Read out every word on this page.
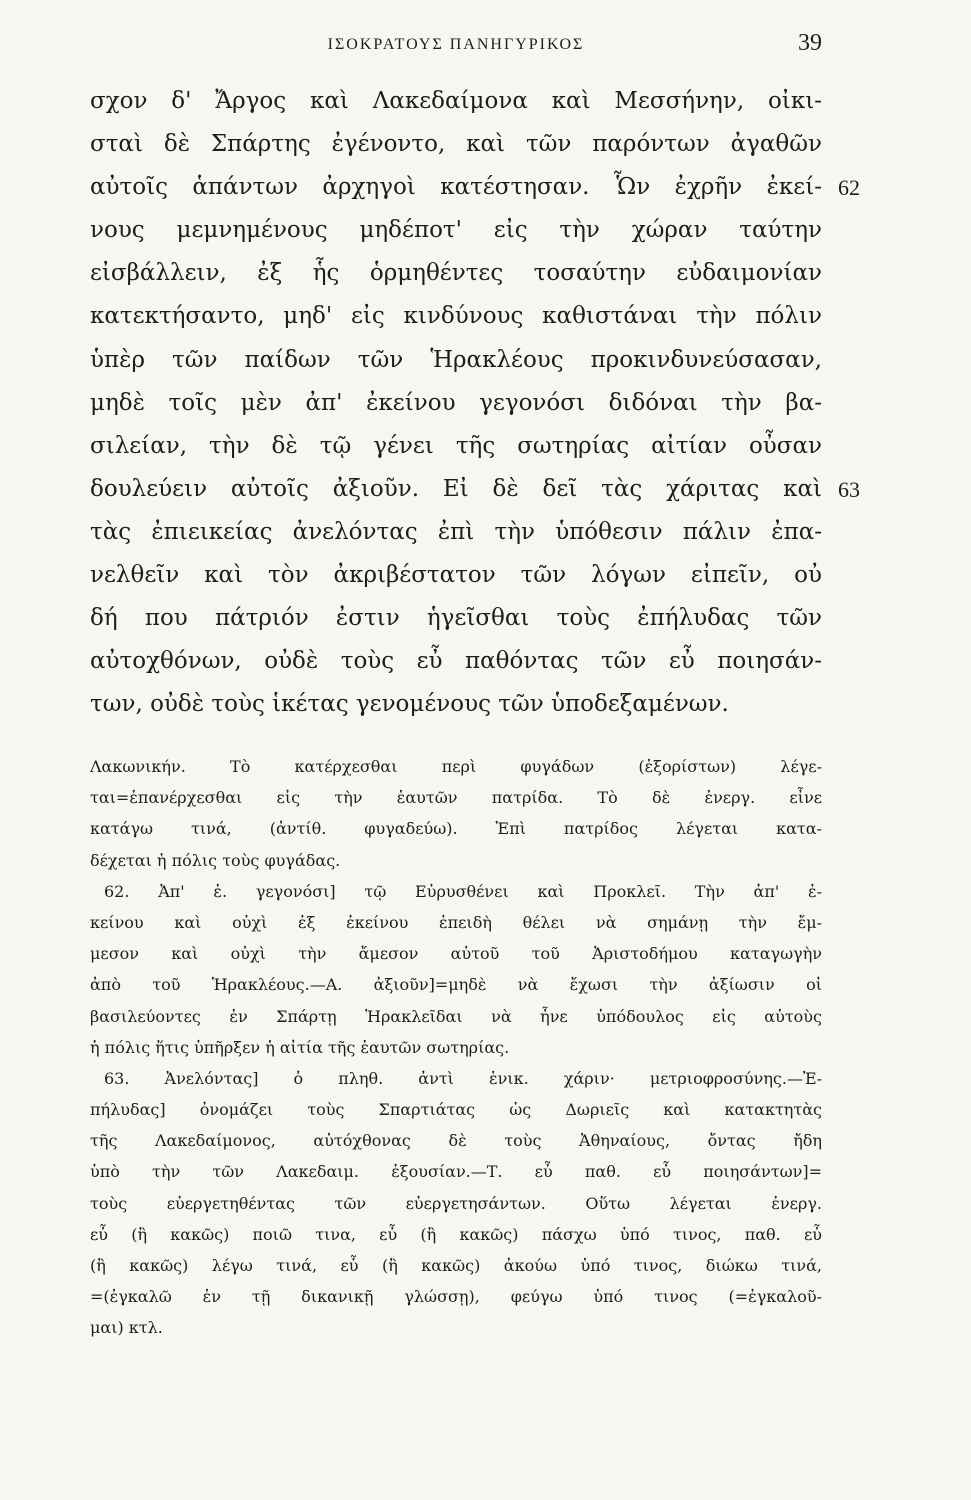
ΙΣΟΚΡΑΤΟΥΣ ΠΑΝΗΓΥΡΙΚΟΣ	39
σχον δ' Ἄργος καὶ Λακεδαίμονα καὶ Μεσσήνην, οἰκι-
σταὶ δὲ Σπάρτης ἐγένοντο, καὶ τῶν παρόντων ἀγαθῶν
αὐτοῖς ἁπάντων ἀρχηγοὶ κατέστησαν. Ὧν ἐχρῆν ἐκεί- 62
νους μεμνημένους μηδέποτ' εἰς τὴν χώραν ταύτην
εἰσβάλλειν, ἐξ ἧς ὁρμηθέντες τοσαύτην εὐδαιμονίαν
κατεκτήσαντο, μηδ' εἰς κινδύνους καθιστάναι τὴν πόλιν
ὑπὲρ τῶν παίδων τῶν Ἡρακλέους προκινδυνεύσασαν,
μηδὲ τοῖς μὲν ἀπ' ἐκείνου γεγονόσι διδόναι τὴν βα-
σιλείαν, τὴν δὲ τῷ γένει τῆς σωτηρίας αἰτίαν οὖσαν
δουλεύειν αὐτοῖς ἀξιοῦν. Εἰ δὲ δεῖ τὰς χάριτας καὶ 63
τὰς ἐπιεικείας ἀνελόντας ἐπὶ τὴν ὑπόθεσιν πάλιν ἐπα-
νελθεῖν καὶ τὸν ἀκριβέστατον τῶν λόγων εἰπεῖν, οὐ
δή που πάτριόν ἐστιν ἡγεῖσθαι τοὺς ἐπήλυδας τῶν
αὐτοχθόνων, οὐδὲ τοὺς εὖ παθόντας τῶν εὖ ποιησάν-
των, οὐδὲ τοὺς ἱκέτας γενομένους τῶν ὑποδεξαμένων.
Λακωνικήν. Τὸ κατέρχεσθαι περὶ φυγάδων (ἐξορίστων) λέγε-
ται=ἐπανέρχεσθαι εἰς τὴν ἑαυτῶν πατρίδα. Τὸ δὲ ἐνεργ. εἶνε
κατάγω τινά, (ἀντίθ. φυγαδεύω). Ἐπὶ πατρίδος λέγεται κατα-
δέχεται ἡ πόλις τοὺς φυγάδας.
62. Ἀπ' ἐ. γεγονόσι] τῷ Εὐρυσθένει καὶ Προκλεῖ. Τὴν ἀπ' ἐ-
κείνου καὶ οὐχὶ ἐξ ἐκείνου ἐπειδὴ θέλει νὰ σημάνῃ τὴν ἔμ-
μεσον καὶ οὐχὶ τὴν ἄμεσον αὐτοῦ τοῦ Ἀριστοδήμου καταγωγὴν
ἀπὸ τοῦ Ἡρακλέους.—Α. ἀξιοῦν]=μηδὲ νὰ ἔχωσι τὴν ἀξίωσιν οἱ
βασιλεύοντες ἐν Σπάρτῃ Ἡρακλεῖδαι νὰ ἦνε ὑπόδουλος εἰς αὐτοὺς
ἡ πόλις ἥτις ὑπῆρξεν ἡ αἰτία τῆς ἑαυτῶν σωτηρίας.
63. Ἀνελόντας] ὁ πληθ. ἀντὶ ἑνικ. χάριν· μετριοφροσύνης.—Ἐ-
πήλυδας] ὀνομάζει τοὺς Σπαρτιάτας ὡς Δωριεῖς καὶ κατακτητὰς
τῆς Λακεδαίμονος, αὐτόχθονας δὲ τοὺς Ἀθηναίους, ὄντας ἤδη
ὑπὸ τὴν τῶν Λακεδαιμ. ἐξουσίαν.—Τ. εὖ παθ. εὖ ποιησάντων]=
τοὺς εὐεργετηθέντας τῶν εὐεργετησάντων. Οὕτω λέγεται ἐνεργ.
εὖ (ἢ κακῶς) ποιῶ τινα, εὖ (ἢ κακῶς) πάσχω ὑπό τινος, παθ. εὖ
(ἢ κακῶς) λέγω τινά, εὖ (ἢ κακῶς) ἀκούω ὑπό τινος, διώκω τινά,
=(ἐγκαλῶ ἐν τῇ δικανικῇ γλώσσῃ), φεύγω ὑπό τινος (=ἐγκαλοῦ-
μαι) κτλ.
